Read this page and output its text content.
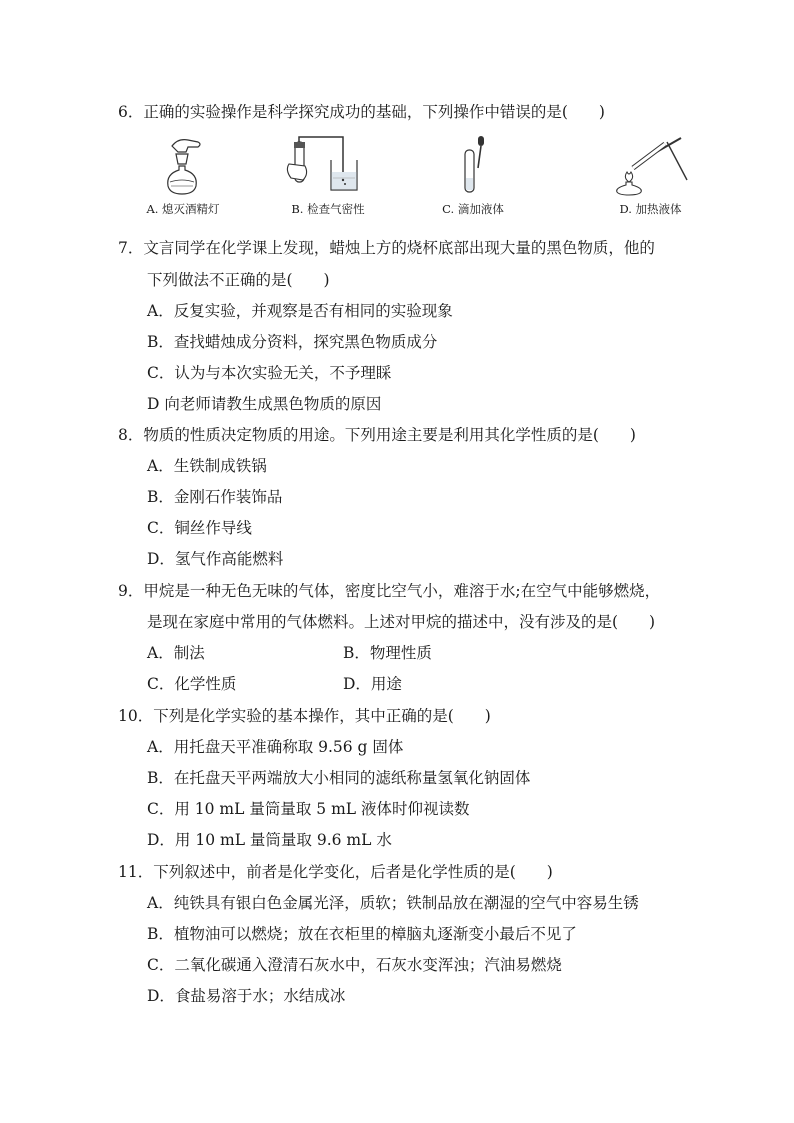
6．正确的实验操作是科学探究成功的基础，下列操作中错误的是(　　)
A. 熄灭酒精灯	B. 检查气密性	C. 滴加液体	D. 加热液体
7．文言同学在化学课上发现，蜡烛上方的烧杯底部出现大量的黑色物质，他的
下列做法不正确的是(　　)
A．反复实验，并观察是否有相同的实验现象
B．查找蜡烛成分资料，探究黑色物质成分
C．认为与本次实验无关，不予理睬
D 向老师请教生成黑色物质的原因
8．物质的性质决定物质的用途。下列用途主要是利用其化学性质的是(　　)
A．生铁制成铁锅
B．金刚石作装饰品
C．铜丝作导线
D．氢气作高能燃料
9．甲烷是一种无色无味的气体，密度比空气小，难溶于水;在空气中能够燃烧，
是现在家庭中常用的气体燃料。上述对甲烷的描述中，没有涉及的是(　　)
A．制法	B．物理性质
C．化学性质	D．用途
10．下列是化学实验的基本操作，其中正确的是(　　)
A．用托盘天平准确称取 9.56 g 固体
B．在托盘天平两端放大小相同的滤纸称量氢氧化钠固体
C．用 10 mL 量筒量取 5 mL 液体时仰视读数
D．用 10 mL 量筒量取 9.6 mL 水
11．下列叙述中，前者是化学变化，后者是化学性质的是(　　)
A．纯铁具有银白色金属光泽，质软；铁制品放在潮湿的空气中容易生锈
B．植物油可以燃烧；放在衣柜里的樟脑丸逐渐变小最后不见了
C．二氧化碳通入澄清石灰水中，石灰水变浑浊；汽油易燃烧
D．食盐易溶于水；水结成冰
